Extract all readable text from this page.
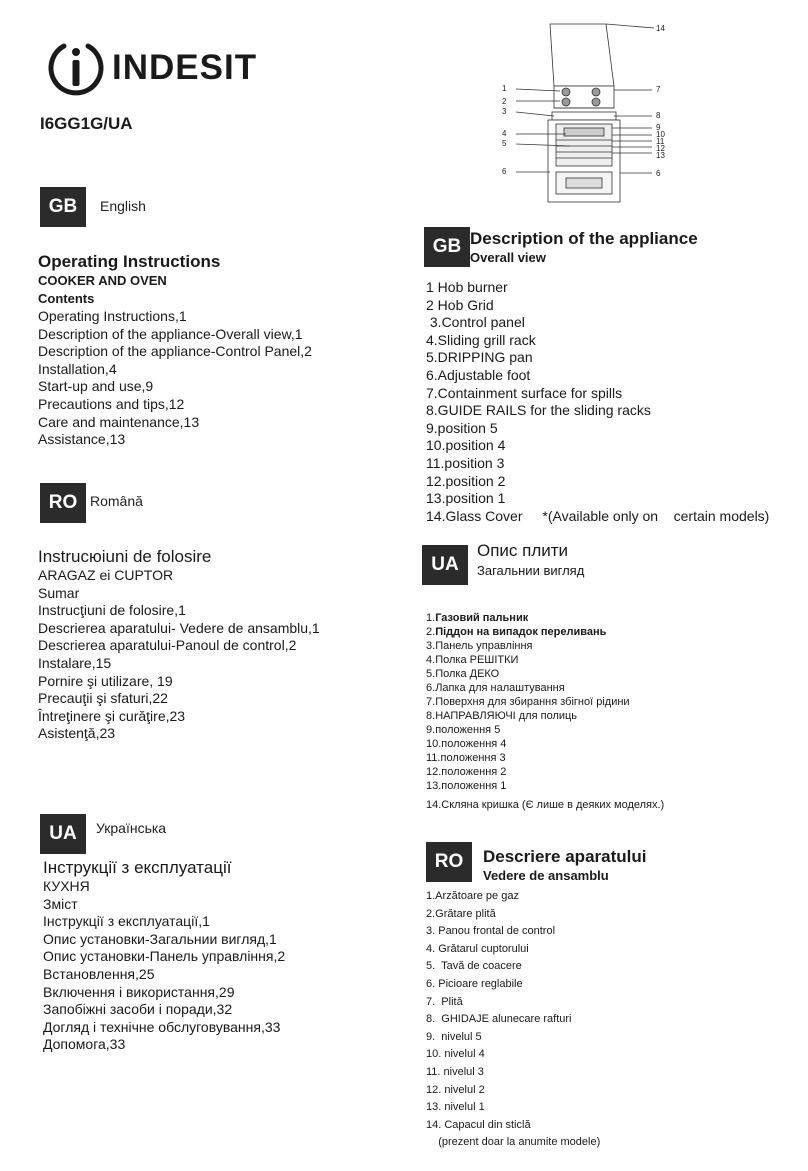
INDESIT
I6GG1G/UA
GB	English
Operating Instructions
COOKER AND OVEN
Contents
Operating Instructions,1
Description of the appliance-Overall view,1
Description of the appliance-Control Panel,2
Installation,4
Start-up and use,9
Precautions and tips,12
Care and maintenance,13
Assistance,13
RO Română
Instrucюiuni de folosire
ARAGAZ еі CUPTOR
Sumar
Instrucţiuni de folosire,1
Descrierea aparatului- Vedere de ansamblu,1
Descrierea aparatului-Panoul de control,2
Instalare,15
Pornire şi utilizare, 19
Precauţii şi sfaturi,22
Întreţinere şi curăţire,23
Asistenţă,23
UA	Українська
Інструкції з експлуатації
КУХНЯ
Зміст
Інструкції з експлуатації,1
Опис установки-Загальнии вигляд,1
Опис установки-Панель управління,2
Встановлення,25
Включення і використання,29
Запобіжні засоби і поради,32
Догляд і технічне обслуговування,33
Допомога,33
1
2
3
4
5
6
14
7
8
9
10
11
12
13
6
GB Description of the appliance
Overall view
1 Hob burner
2 Hob Grid
3.Control panel
4.Sliding grill rack
5.DRIPPING pan
6.Adjustable foot
7.Containment surface for spills
8.GUIDE RAILS for the sliding racks
9.position 5
10.position 4
11.position 3
12.position 2
13.position 1
14.Glass Cover *(Available only on    certain models)
UA
Опис плити
Загальнии вигляд
1.Газовий пальник
2.Піддон на випадок переливань
3.Панель управління
4.Полка РЕШІТКИ
5.Полка ДЕКО
6.Лапка для налаштування
7.Поверхня для збирання збігної рідини
8.НАПРАВЛЯЮЧІ для полиць
9.положення 5
10.положення 4
11.положення 3
12.положення 2
13.положення 1
14.Скляна кришка (Є лише в деяких моделях.)
RO	Descriere aparatului
Vedere de ansamblu
1.Arzătoare pe gaz
2.Grătare plită
3. Panou frontal de control
4. Grătarul cuptorului
5.  Tavă de coacere
6. Picioare reglabile
7.  Plită
8.  GHIDAJE alunecare rafturi
9.  nivelul 5
10. nivelul 4
11. nivelul 3
12. nivelul 2
13. nivelul 1
14. Capacul din sticlă
(prezent doar la anumite modele)
